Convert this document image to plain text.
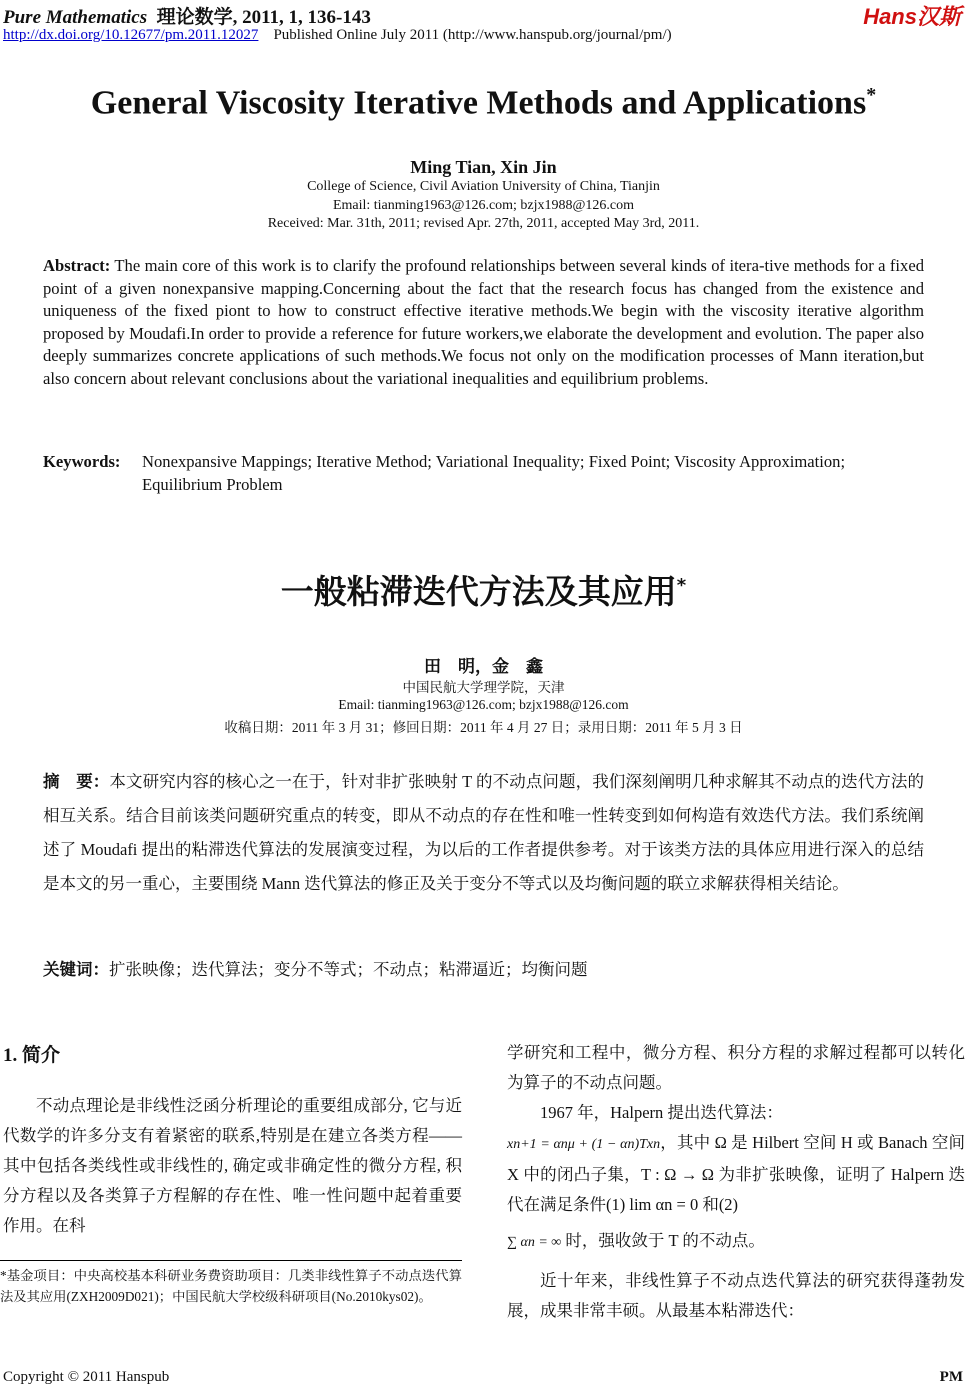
Pure Mathematics 理论数学, 2011, 1, 136-143
http://dx.doi.org/10.12677/pm.2011.12027 Published Online July 2011 (http://www.hanspub.org/journal/pm/)
Hans汉斯
General Viscosity Iterative Methods and Applications*
Ming Tian, Xin Jin
College of Science, Civil Aviation University of China, Tianjin
Email: tianming1963@126.com; bzjx1988@126.com
Received: Mar. 31th, 2011; revised Apr. 27th, 2011, accepted May 3rd, 2011.
Abstract: The main core of this work is to clarify the profound relationships between several kinds of itera-tive methods for a fixed point of a given nonexpansive mapping.Concerning about the fact that the research focus has changed from the existence and uniqueness of the fixed piont to how to construct effective iterative methods.We begin with the viscosity iterative algorithm proposed by Moudafi.In order to provide a reference for future workers,we elaborate the development and evolution. The paper also deeply summarizes concrete applications of such methods.We focus not only on the modification processes of Mann iteration,but also concern about relevant conclusions about the variational inequalities and equilibrium problems.
Keywords:	Nonexpansive Mappings; Iterative Method; Variational Inequality; Fixed Point; Viscosity Approximation; Equilibrium Problem
一般粘滞迭代方法及其应用*
田　明，金　鑫
中国民航大学理学院，天津
Email: tianming1963@126.com; bzjx1988@126.com
收稿日期：2011 年 3 月 31；修回日期：2011 年 4 月 27 日；录用日期：2011 年 5 月 3 日
摘　要：本文研究内容的核心之一在于，针对非扩张映射 T 的不动点问题，我们深刻阐明几种求解其不动点的迭代方法的相互关系。结合目前该类问题研究重点的转变，即从不动点的存在性和唯一性转变到如何构造有效迭代方法。我们系统阐述了 Moudafi 提出的粘滞迭代算法的发展演变过程，为以后的工作者提供参考。对于该类方法的具体应用进行深入的总结是本文的另一重心，主要围绕 Mann 迭代算法的修正及关于变分不等式以及均衡问题的联立求解获得相关结论。
关键词：扩张映像；迭代算法；变分不等式；不动点；粘滞逼近；均衡问题
1. 简介
不动点理论是非线性泛函分析理论的重要组成部分, 它与近代数学的许多分支有着紧密的联系,特别是在建立各类方程——其中包括各类线性或非线性的, 确定或非确定性的微分方程, 积分方程以及各类算子方程解的存在性、唯一性问题中起着重要作用。在科
*基金项目：中央高校基本科研业务费资助项目：几类非线性算子不动点迭代算法及其应用(ZXH2009D021)；中国民航大学校级科研项目(No.2010kys02)。
学研究和工程中，微分方程、积分方程的求解过程都可以转化为算子的不动点问题。
1967 年，Halpern 提出迭代算法：
xn+1 = αnμ + (1 − αn)Txn，其中 Ω 是 Hilbert 空间 H 或 Banach 空间 X 中的闭凸子集，T : Ω → Ω 为非扩张映像，证明了 Halpern 迭代在满足条件(1) lim αn = 0 和(2)
∑ αn = ∞ 时，强收敛于 T 的不动点。
近十年来，非线性算子不动点迭代算法的研究获得蓬勃发展，成果非常丰硕。从最基本粘滞迭代：
Copyright © 2011 Hanspub	PM
